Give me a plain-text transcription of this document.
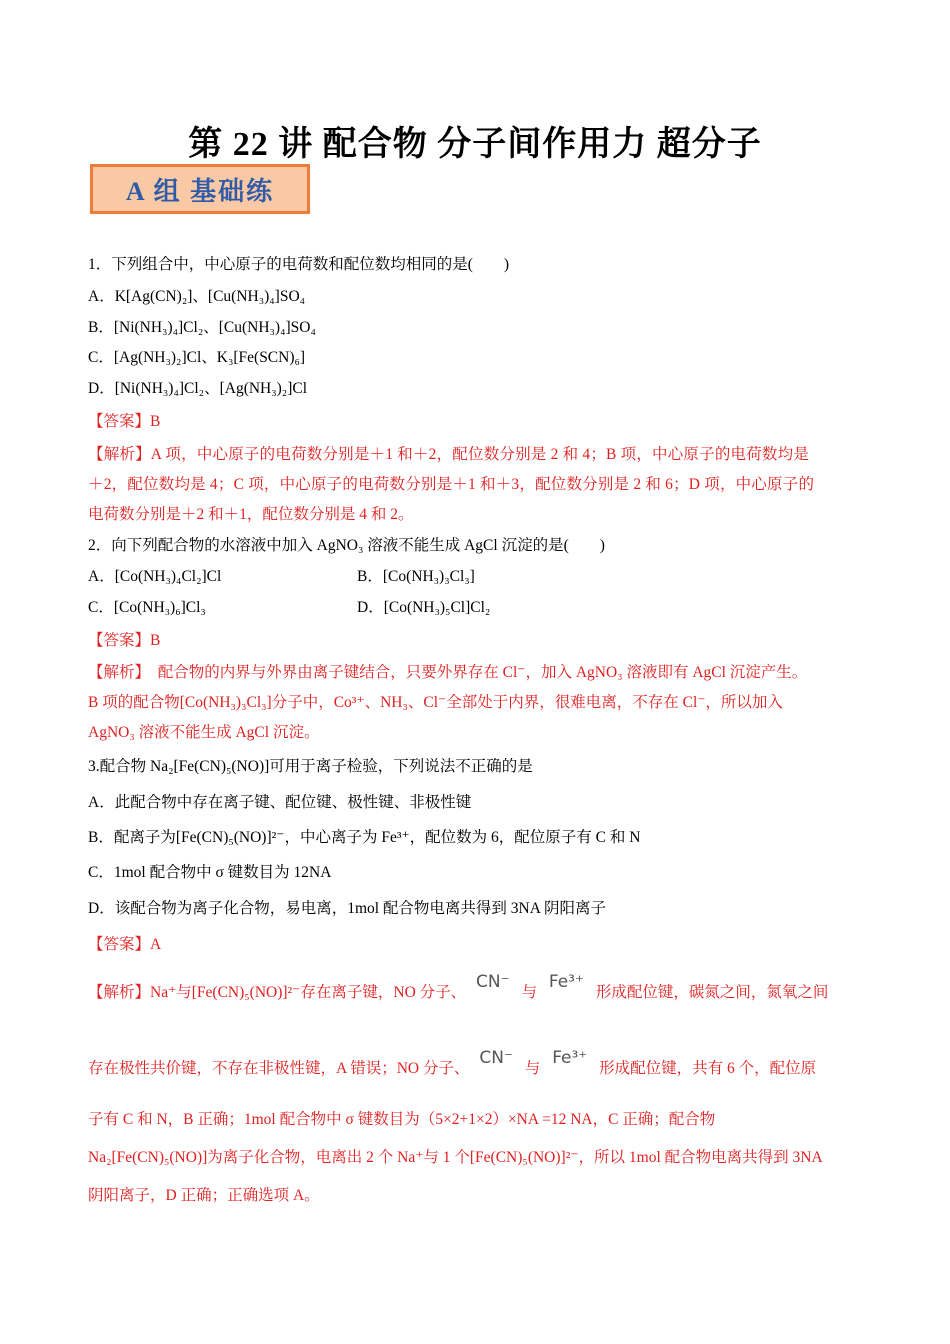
第 22 讲 配合物 分子间作用力 超分子
A 组 基础练
1．下列组合中，中心原子的电荷数和配位数均相同的是(　　)
A．K[Ag(CN)₂]、[Cu(NH₃)₄]SO₄
B．[Ni(NH₃)₄]Cl₂、[Cu(NH₃)₄]SO₄
C．[Ag(NH₃)₂]Cl、K₃[Fe(SCN)₆]
D．[Ni(NH₃)₄]Cl₂、[Ag(NH₃)₂]Cl
【答案】B
【解析】A 项，中心原子的电荷数分别是＋1 和＋2，配位数分别是 2 和 4；B 项，中心原子的电荷数均是
＋2，配位数均是 4；C 项，中心原子的电荷数分别是＋1 和＋3，配位数分别是 2 和 6；D 项，中心原子的
电荷数分别是＋2 和＋1，配位数分别是 4 和 2。
2．向下列配合物的水溶液中加入 AgNO₃ 溶液不能生成 AgCl 沉淀的是(　　)
A．[Co(NH₃)₄Cl₂]Cl	B．[Co(NH₃)₃Cl₃]
C．[Co(NH₃)₆]Cl₃	D．[Co(NH₃)₅Cl]Cl₂
【答案】B
【解析】　配合物的内界与外界由离子键结合，只要外界存在 Cl⁻，加入 AgNO₃ 溶液即有 AgCl 沉淀产生。
B 项的配合物[Co(NH₃)₃Cl₃]分子中，Co³⁺、NH₃、Cl⁻全部处于内界，很难电离，不存在 Cl⁻，所以加入
AgNO₃ 溶液不能生成 AgCl 沉淀。
3.配合物 Na₂[Fe(CN)₅(NO)]可用于离子检验，下列说法不正确的是
A．此配合物中存在离子键、配位键、极性键、非极性键
B．配离子为[Fe(CN)₅(NO)]²⁻，中心离子为 Fe³⁺，配位数为 6，配位原子有 C 和 N
C．1mol 配合物中 σ 键数目为 12NA
D．该配合物为离子化合物，易电离，1mol 配合物电离共得到 3NA 阴阳离子
【答案】A
【解析】Na⁺与[Fe(CN)₅(NO)]²⁻存在离子键，NO 分子、 CN⁻ 与 Fe³⁺ 形成配位键，碳氮之间，氮氧之间
存在极性共价键，不存在非极性键，A 错误；NO 分子、 CN⁻ 与 Fe³⁺ 形成配位键，共有 6 个，配位原
子有 C 和 N，B 正确；1mol 配合物中 σ 键数目为（5×2+1×2）×NA =12 NA，C 正确；配合物
Na₂[Fe(CN)₅(NO)]为离子化合物，电离出 2 个 Na⁺与 1 个[Fe(CN)₅(NO)]²⁻，所以 1mol 配合物电离共得到 3NA
阴阳离子，D 正确；正确选项 A。
